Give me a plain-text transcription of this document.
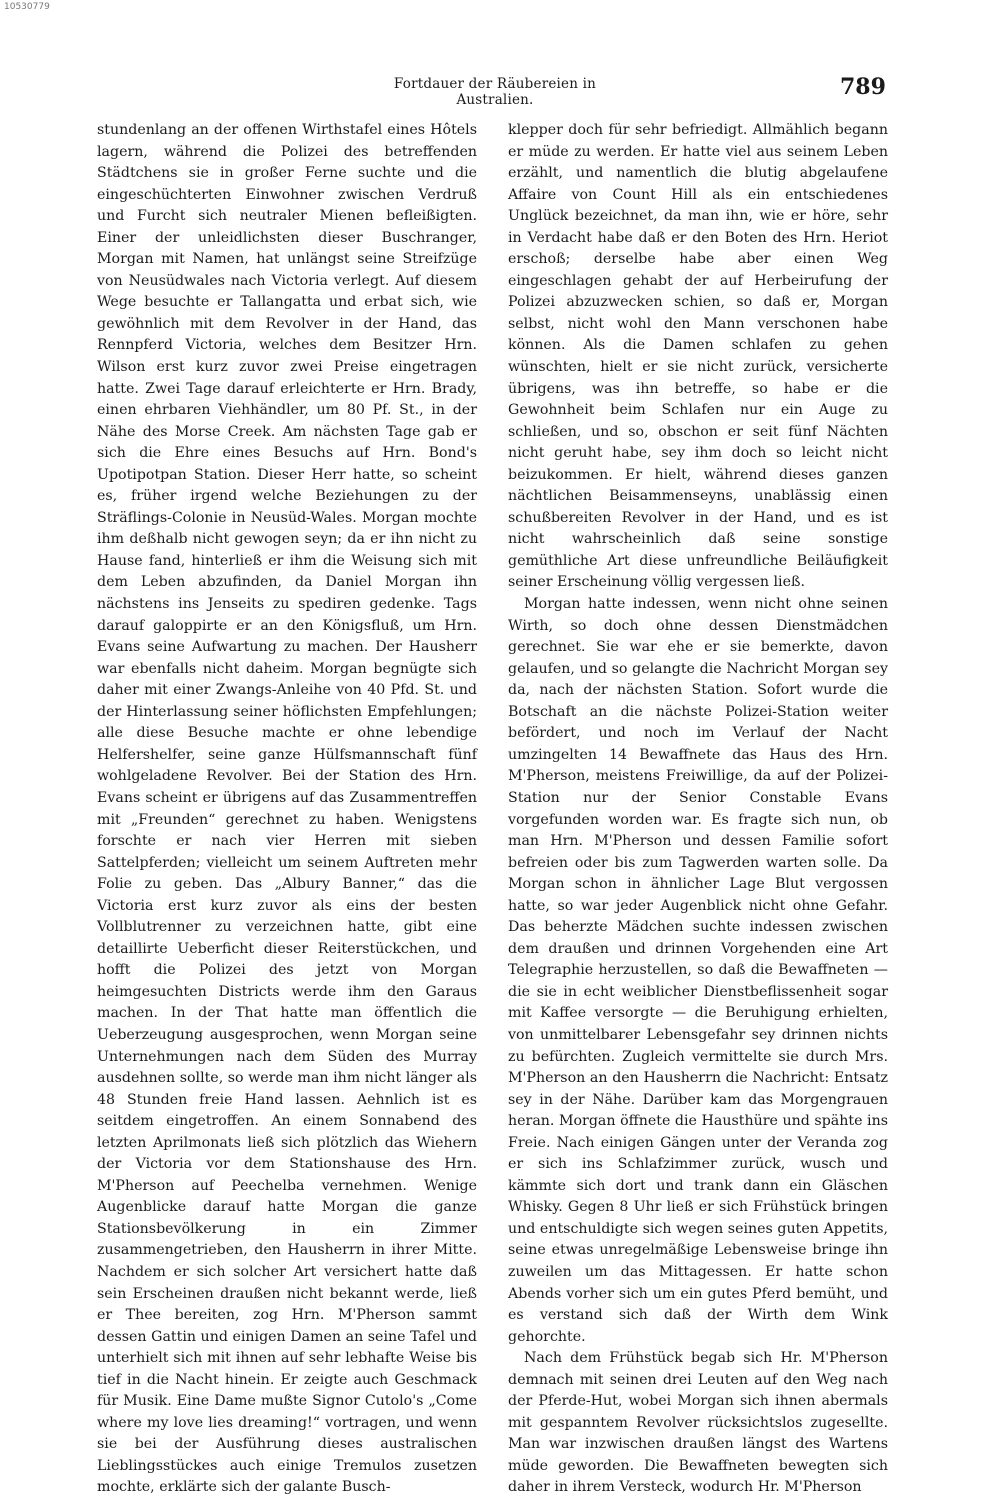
10530779
Fortdauer der Räubereien in Australien.	789

stundenlang an der offenen Wirthstafel eines Hôtels lagern, während die Polizei des betreffenden Städtchens sie in großer Ferne suchte und die eingeschüchterten Einwohner zwischen Verdruß und Furcht sich neutraler Mienen befleißigten. Einer der unleidlichsten dieser Buschranger, Morgan mit Namen, hat unlängst seine Streifzüge von Neusüdwales nach Victoria verlegt. Auf diesem Wege besuchte er Tallangatta und erbat sich, wie gewöhnlich mit dem Revolver in der Hand, das Rennpferd Victoria, welches dem Besitzer Hrn. Wilson erst kurz zuvor zwei Preise eingetragen hatte. Zwei Tage darauf erleichterte er Hrn. Brady, einen ehrbaren Viehhändler, um 80 Pf. St., in der Nähe des Morse Creek. Am nächsten Tage gab er sich die Ehre eines Besuchs auf Hrn. Bond's Upotipotpan Station. Dieser Herr hatte, so scheint es, früher irgend welche Beziehungen zu der Sträflings-Colonie in Neusüd-Wales. Morgan mochte ihm deßhalb nicht gewogen seyn; da er ihn nicht zu Hause fand, hinterließ er ihm die Weisung sich mit dem Leben abzufinden, da Daniel Morgan ihn nächstens ins Jenseits zu spediren gedenke. Tags darauf galoppirte er an den Königsfluß, um Hrn. Evans seine Aufwartung zu machen. Der Hausherr war ebenfalls nicht daheim. Morgan begnügte sich daher mit einer Zwangs-Anleihe von 40 Pfd. St. und der Hinterlassung seiner höflichsten Empfehlungen; alle diese Besuche machte er ohne lebendige Helfershelfer, seine ganze Hülfsmannschaft fünf wohlgeladene Revolver. Bei der Station des Hrn. Evans scheint er übrigens auf das Zusammentreffen mit „Freunden“ gerechnet zu haben. Wenigstens forschte er nach vier Herren mit sieben Sattelpferden; vielleicht um seinem Auftreten mehr Folie zu geben. Das „Albury Banner,“ das die Victoria erst kurz zuvor als eins der besten Vollblutrenner zu verzeichnen hatte, gibt eine detaillirte Ueberficht dieser Reiterstückchen, und hofft die Polizei des jetzt von Morgan heimgesuchten Districts werde ihm den Garaus machen. In der That hatte man öffentlich die Ueberzeugung ausgesprochen, wenn Morgan seine Unternehmungen nach dem Süden des Murray ausdehnen sollte, so werde man ihm nicht länger als 48 Stunden freie Hand lassen. Aehnlich ist es seitdem eingetroffen. An einem Sonnabend des letzten Aprilmonats ließ sich plötzlich das Wiehern der Victoria vor dem Stationshause des Hrn. M'Pherson auf Peechelba vernehmen. Wenige Augenblicke darauf hatte Morgan die ganze Stationsbevölkerung in ein Zimmer zusammengetrieben, den Hausherrn in ihrer Mitte. Nachdem er sich solcher Art versichert hatte daß sein Erscheinen draußen nicht bekannt werde, ließ er Thee bereiten, zog Hrn. M'Pherson sammt dessen Gattin und einigen Damen an seine Tafel und unterhielt sich mit ihnen auf sehr lebhafte Weise bis tief in die Nacht hinein. Er zeigte auch Geschmack für Musik. Eine Dame mußte Signor Cutolo's „Come where my love lies dreaming!“ vortragen, und wenn sie bei der Ausführung dieses australischen Lieblingsstückes auch einige Tremulos zusetzen mochte, erklärte sich der galante Busch-

klepper doch für sehr befriedigt. Allmählich begann er müde zu werden. Er hatte viel aus seinem Leben erzählt, und namentlich die blutig abgelaufene Affaire von Count Hill als ein entschiedenes Unglück bezeichnet, da man ihn, wie er höre, sehr in Verdacht habe daß er den Boten des Hrn. Heriot erschoß; derselbe habe aber einen Weg eingeschlagen gehabt der auf Herbeirufung der Polizei abzuzwecken schien, so daß er, Morgan selbst, nicht wohl den Mann verschonen habe können. Als die Damen schlafen zu gehen wünschten, hielt er sie nicht zurück, versicherte übrigens, was ihn betreffe, so habe er die Gewohnheit beim Schlafen nur ein Auge zu schließen, und so, obschon er seit fünf Nächten nicht geruht habe, sey ihm doch so leicht nicht beizukommen. Er hielt, während dieses ganzen nächtlichen Beisammenseyns, unablässig einen schußbereiten Revolver in der Hand, und es ist nicht wahrscheinlich daß seine sonstige gemüthliche Art diese unfreundliche Beiläufigkeit seiner Erscheinung völlig vergessen ließ.

Morgan hatte indessen, wenn nicht ohne seinen Wirth, so doch ohne dessen Dienstmädchen gerechnet. Sie war ehe er sie bemerkte, davon gelaufen, und so gelangte die Nachricht Morgan sey da, nach der nächsten Station. Sofort wurde die Botschaft an die nächste Polizei-Station weiter befördert, und noch im Verlauf der Nacht umzingelten 14 Bewaffnete das Haus des Hrn. M'Pherson, meistens Freiwillige, da auf der Polizei-Station nur der Senior Constable Evans vorgefunden worden war. Es fragte sich nun, ob man Hrn. M'Pherson und dessen Familie sofort befreien oder bis zum Tagwerden warten solle. Da Morgan schon in ähnlicher Lage Blut vergossen hatte, so war jeder Augenblick nicht ohne Gefahr. Das beherzte Mädchen suchte indessen zwischen dem draußen und drinnen Vorgehenden eine Art Telegraphie herzustellen, so daß die Bewaffneten — die sie in echt weiblicher Dienstbeflissenheit sogar mit Kaffee versorgte — die Beruhigung erhielten, von unmittelbarer Lebensgefahr sey drinnen nichts zu befürchten. Zugleich vermittelte sie durch Mrs. M'Pherson an den Hausherrn die Nachricht: Entsatz sey in der Nähe. Darüber kam das Morgengrauen heran. Morgan öffnete die Hausthüre und spähte ins Freie. Nach einigen Gängen unter der Veranda zog er sich ins Schlafzimmer zurück, wusch und kämmte sich dort und trank dann ein Gläschen Whisky. Gegen 8 Uhr ließ er sich Frühstück bringen und entschuldigte sich wegen seines guten Appetits, seine etwas unregelmäßige Lebensweise bringe ihn zuweilen um das Mittagessen. Er hatte schon Abends vorher sich um ein gutes Pferd bemüht, und es verstand sich daß der Wirth dem Wink gehorchte.

Nach dem Frühstück begab sich Hr. M'Pherson demnach mit seinen drei Leuten auf den Weg nach der Pferde-Hut, wobei Morgan sich ihnen abermals mit gespanntem Revolver rücksichtslos zugesellte. Man war inzwischen draußen längst des Wartens müde geworden. Die Bewaffneten bewegten sich daher in ihrem Versteck, wodurch Hr. M'Pherson
